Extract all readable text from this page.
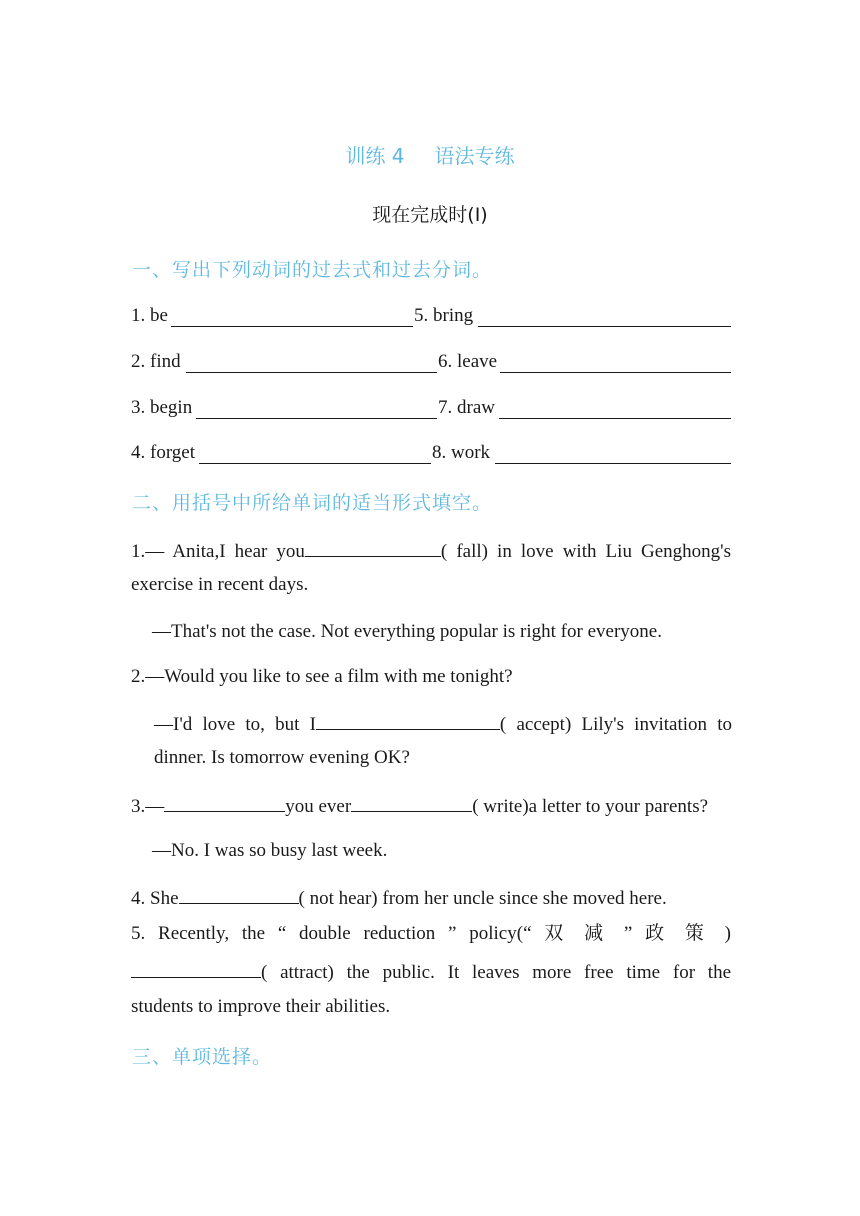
训练 4 语法专练
现在完成时(Ⅰ)
一、写出下列动词的过去式和过去分词。
1. be	5. bring
2. find	6. leave
3. begin	7. draw
4. forget	8. work
二、用括号中所给单词的适当形式填空。
1.— Anita,I hear you	( fall) in love with Liu Genghong's
exercise in recent days.
—That's not the case. Not everything popular is right for everyone.
2.—Would you like to see a film with me tonight?
—I'd love to, but I	( accept) Lily's invitation to
dinner. Is tomorrow evening OK?
3.—	you ever	( write)a letter to your parents?
—No. I was so busy last week.
4. She	( not hear) from her uncle since she moved here.
5. Recently, the “ double reduction ” policy(“ 双 减 ” 政 策 )
( attract) the public. It leaves more free time for the
students to improve their abilities.
三、单项选择。
